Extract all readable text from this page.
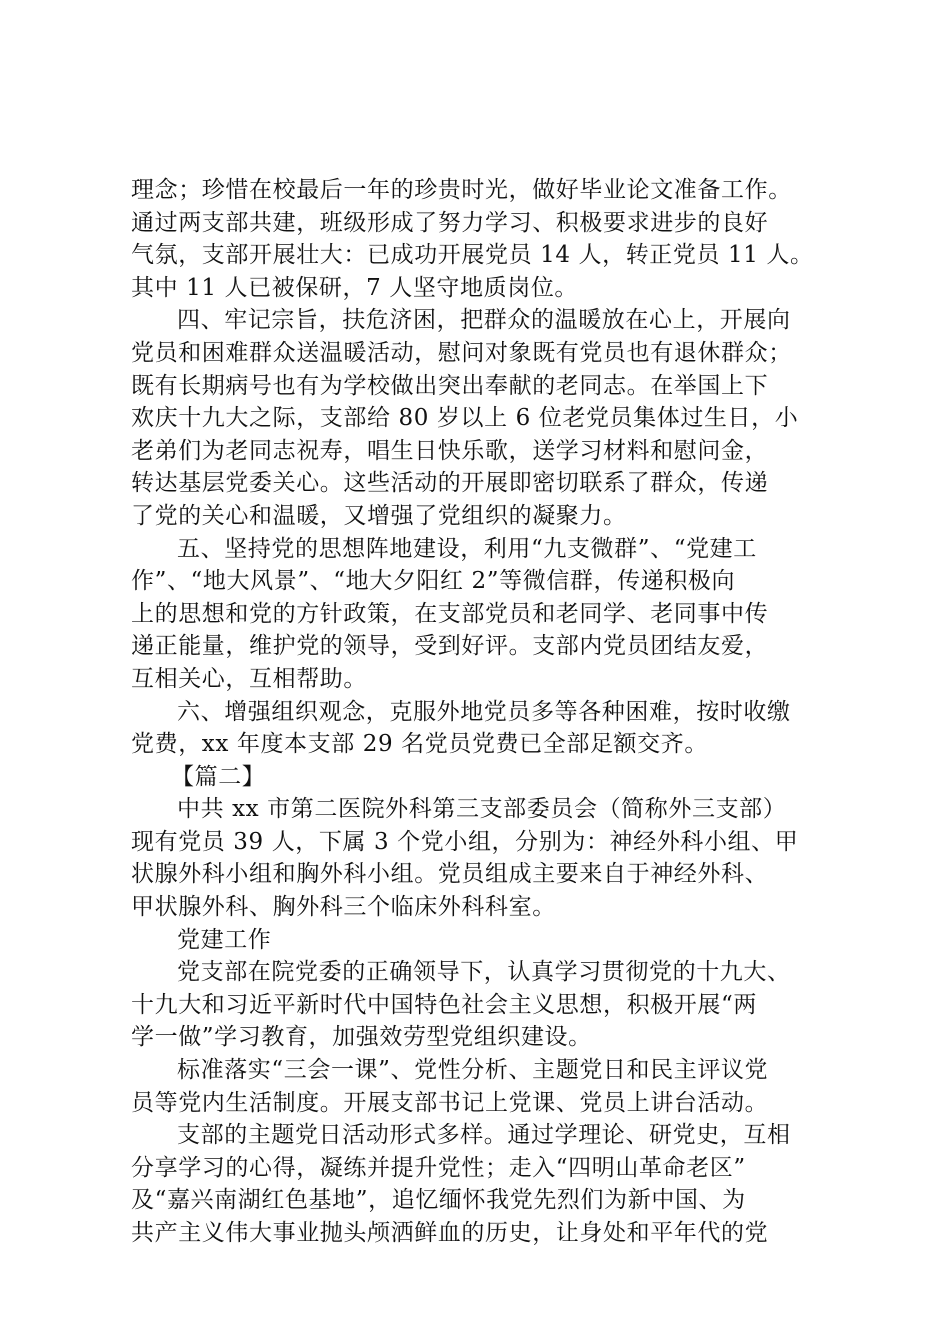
理念；珍惜在校最后一年的珍贵时光，做好毕业论文准备工作。
通过两支部共建，班级形成了努力学习、积极要求进步的良好
气氛，支部开展壮大：已成功开展党员 14 人，转正党员 11 人。
其中 11 人已被保研，7 人坚守地质岗位。
四、牢记宗旨，扶危济困，把群众的温暖放在心上，开展向
党员和困难群众送温暖活动，慰问对象既有党员也有退休群众；
既有长期病号也有为学校做出突出奉献的老同志。在举国上下
欢庆十九大之际，支部给 80 岁以上 6 位老党员集体过生日，小
老弟们为老同志祝寿，唱生日快乐歌，送学习材料和慰问金，
转达基层党委关心。这些活动的开展即密切联系了群众，传递
了党的关心和温暖，又增强了党组织的凝聚力。
五、坚持党的思想阵地建设，利用“九支微群”、“党建工
作”、“地大风景”、“地大夕阳红 2”等微信群，传递积极向
上的思想和党的方针政策，在支部党员和老同学、老同事中传
递正能量，维护党的领导，受到好评。支部内党员团结友爱，
互相关心，互相帮助。
六、增强组织观念，克服外地党员多等各种困难，按时收缴
党费，xx 年度本支部 29 名党员党费已全部足额交齐。
【篇二】
中共 xx 市第二医院外科第三支部委员会（简称外三支部）
现有党员 39 人，下属 3 个党小组，分别为：神经外科小组、甲
状腺外科小组和胸外科小组。党员组成主要来自于神经外科、
甲状腺外科、胸外科三个临床外科科室。
党建工作
党支部在院党委的正确领导下，认真学习贯彻党的十九大、
十九大和习近平新时代中国特色社会主义思想，积极开展“两
学一做”学习教育，加强效劳型党组织建设。
标准落实“三会一课”、党性分析、主题党日和民主评议党
员等党内生活制度。开展支部书记上党课、党员上讲台活动。
支部的主题党日活动形式多样。通过学理论、研党史，互相
分享学习的心得，凝练并提升党性；走入“四明山革命老区”
及“嘉兴南湖红色基地”，追忆缅怀我党先烈们为新中国、为
共产主义伟大事业抛头颅洒鲜血的历史，让身处和平年代的党
